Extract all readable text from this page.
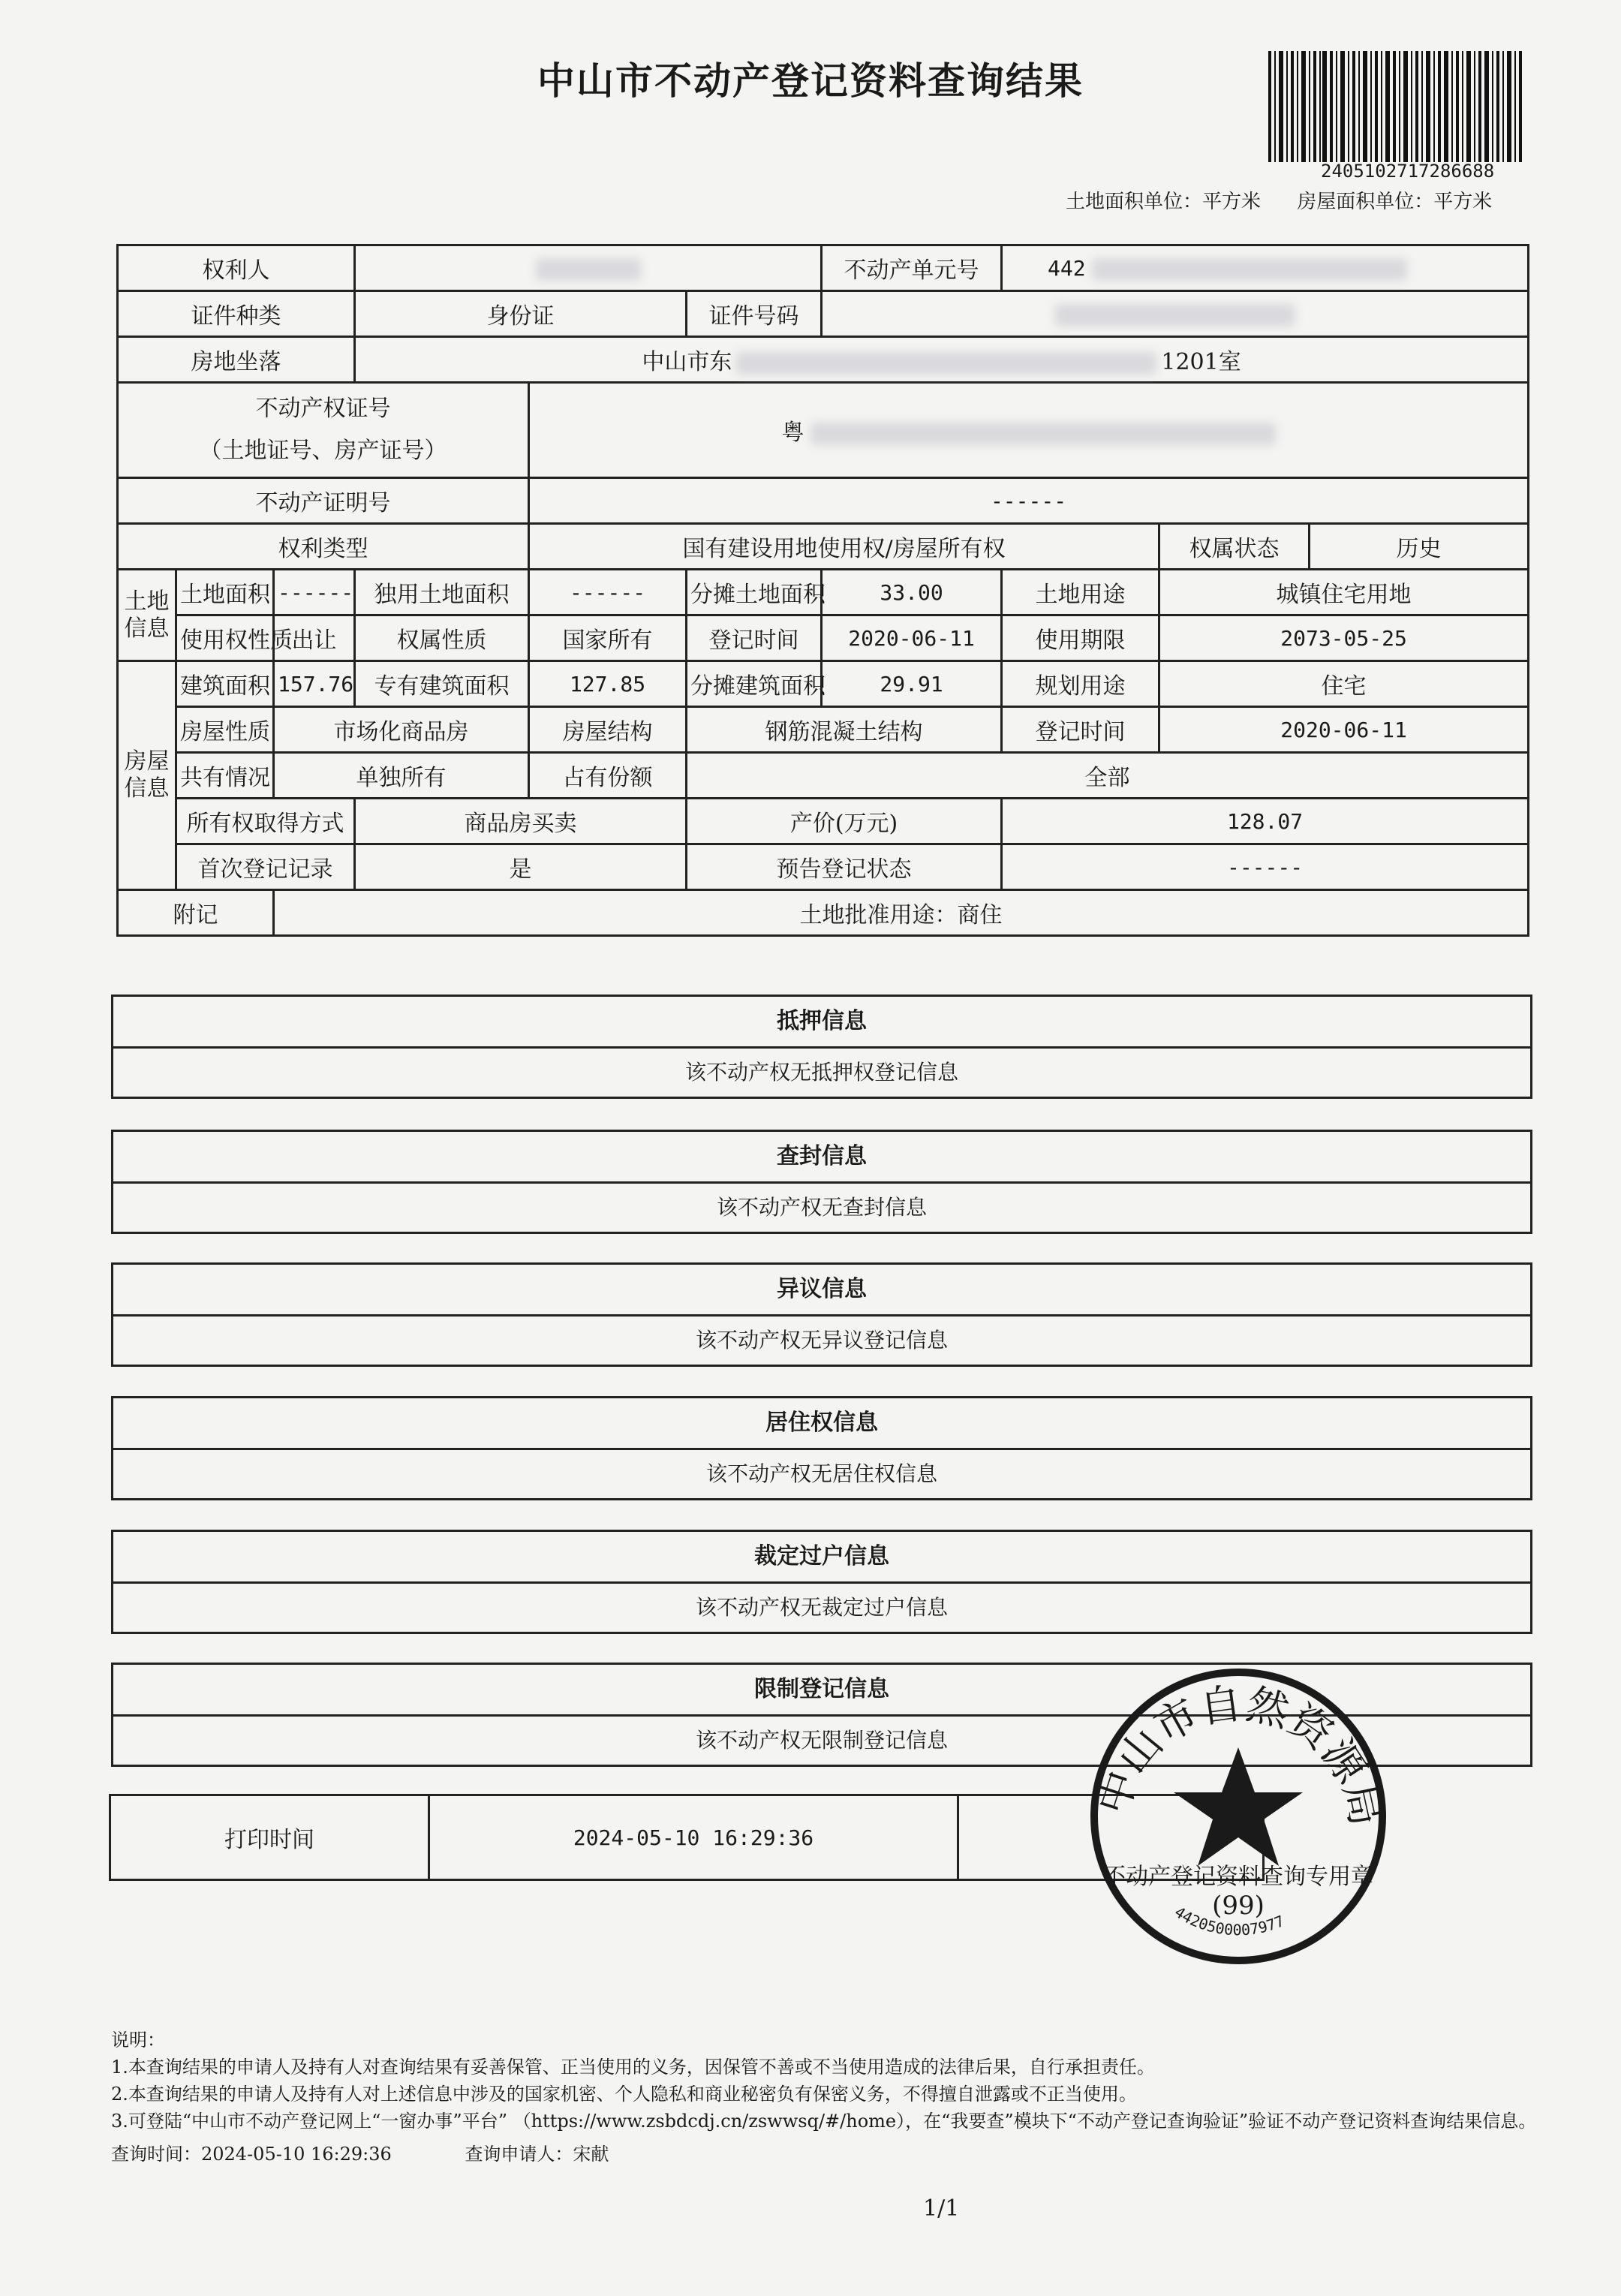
中山市不动产登记资料查询结果
2405102717286688
土地面积单位：平方米 房屋面积单位：平方米
权利人						不动产单元号	442		
证件种类			身份证		证件号码				
房地坐落			中山市东 1201室						

不动产权证号
（土地证号、房产证号）				粤					
不动产证明号				------					
权利类型				国有建设用地使用权/房屋所有权				权属状态	历史
土地信息	土地面积	------	独用土地面积	------	分摊土地面积	33.00	土地用途	城镇住宅用地	
	使用权性质	出让	权属性质	国家所有	登记时间	2020-06-11	使用期限	2073-05-25	
房屋信息	建筑面积	157.76	专有建筑面积	127.85	分摊建筑面积	29.91	规划用途	住宅	
	房屋性质	市场化商品房		房屋结构	钢筋混凝土结构		登记时间	2020-06-11	
	共有情况	单独所有		占有份额	全部				
	所有权取得方式		商品房买卖		产价(万元)		128.07		
	首次登记记录		是		预告登记状态		------		
附记		土地批准用途：商住							
抵押信息
该不动产权无抵押权登记信息
查封信息
该不动产权无查封信息
异议信息
该不动产权无异议登记信息
居住权信息
该不动产权无居住权信息
裁定过户信息
该不动产权无裁定过户信息
限制登记信息
该不动产权无限制登记信息
打印时间	2024-05-10 16:29:36	
中山市自然资源局
不动产登记资料查询专用章
(99)
4420500007977
说明：
1.本查询结果的申请人及持有人对查询结果有妥善保管、正当使用的义务，因保管不善或不当使用造成的法律后果，自行承担责任。
2.本查询结果的申请人及持有人对上述信息中涉及的国家机密、个人隐私和商业秘密负有保密义务，不得擅自泄露或不正当使用。
3.可登陆“中山市不动产登记网上“一窗办事”平台” （https://www.zsbdcdj.cn/zswwsq/#/home），在“我要查”模块下“不动产登记查询验证”验证不动产登记资料查询结果信息。
查询时间：2024-05-10 16:29:36	查询申请人：宋献
1/1
